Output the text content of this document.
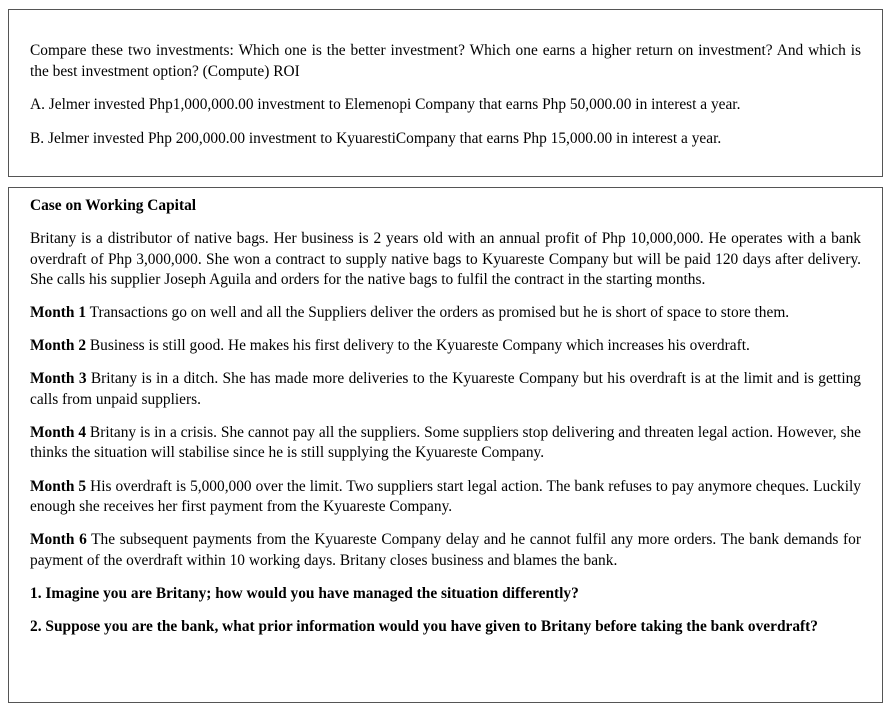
Compare these two investments: Which one is the better investment? Which one earns a higher return on investment? And which is the best investment option? (Compute) ROI

A. Jelmer invested Php1,000,000.00 investment to Elemenopi Company that earns Php 50,000.00 in interest a year.

B. Jelmer invested Php 200,000.00 investment to KyuarestiCompany that earns Php 15,000.00 in interest a year.

Case on Working Capital

Britany is a distributor of native bags. Her business is 2 years old with an annual profit of Php 10,000,000. He operates with a bank overdraft of Php 3,000,000. She won a contract to supply native bags to Kyuareste Company but will be paid 120 days after delivery. She calls his supplier Joseph Aguila and orders for the native bags to fulfil the contract in the starting months.

Month 1 Transactions go on well and all the Suppliers deliver the orders as promised but he is short of space to store them.

Month 2 Business is still good. He makes his first delivery to the Kyuareste Company which increases his overdraft.

Month 3 Britany is in a ditch. She has made more deliveries to the Kyuareste Company but his overdraft is at the limit and is getting calls from unpaid suppliers.

Month 4 Britany is in a crisis. She cannot pay all the suppliers. Some suppliers stop delivering and threaten legal action. However, she thinks the situation will stabilise since he is still supplying the Kyuareste Company.

Month 5 His overdraft is 5,000,000 over the limit. Two suppliers start legal action. The bank refuses to pay anymore cheques. Luckily enough she receives her first payment from the Kyuareste Company.

Month 6 The subsequent payments from the Kyuareste Company delay and he cannot fulfil any more orders. The bank demands for payment of the overdraft within 10 working days. Britany closes business and blames the bank.

1. Imagine you are Britany; how would you have managed the situation differently?

2. Suppose you are the bank, what prior information would you have given to Britany before taking the bank overdraft?
